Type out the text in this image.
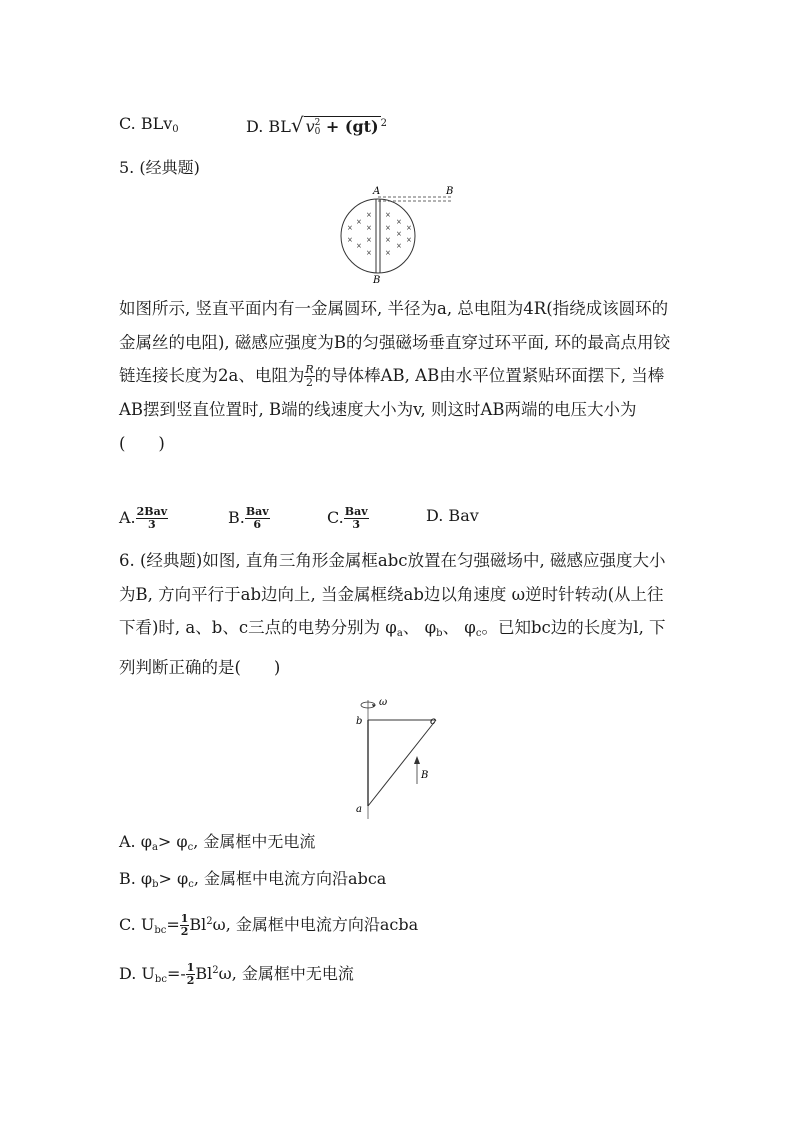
C. BLv$_0$	D. BL√ v 2
0 + (gt) $^2$
5. (经典题)
A	B
B
×
×
×
×
×
×
×
×
×
×
×
×
×
×
×
×
×
如图所示, 竖直平面内有一金属圆环, 半径为a, 总电阻为4R(指绕成该圆环的金属丝的电阻), 磁感应强度为B的匀强磁场垂直穿过环平面, 环的最高点用铰链连接长度为2a、电阻为 $\frac{R}{2}$ 的导体棒AB, AB由水平位置紧贴环面摆下, 当棒AB摆到竖直位置时, B端的线速度大小为v, 则这时AB两端的电压大小为(　　)
A. $\frac{\text{2Bav}}{3}$	B. $\frac{\text{Bav}}{6}$	C. $\frac{\text{Bav}}{3}$	D. Bav
6. (经典题)如图, 直角三角形金属框abc放置在匀强磁场中, 磁感应强度大小为B, 方向平行于ab边向上, 当金属框绕ab边以角速度 ω逆时针转动(从上往下看)时, a、b、c三点的电势分别为 $\varphi_a$、 $\varphi_b$、 $\varphi_c$。已知bc边的长度为l, 下列判断正确的是(　　)
ω
b	c
a
B
A. $\varphi_a> \varphi_c$, 金属框中无电流
B. $\varphi_b> \varphi_c$, 金属框中电流方向沿abca
C. $U_{bc}= \frac{1}{2} Bl^2\omega$, 金属框中电流方向沿acba
D. $U_{bc}=- \frac{1}{2} Bl^2\omega$, 金属框中无电流
